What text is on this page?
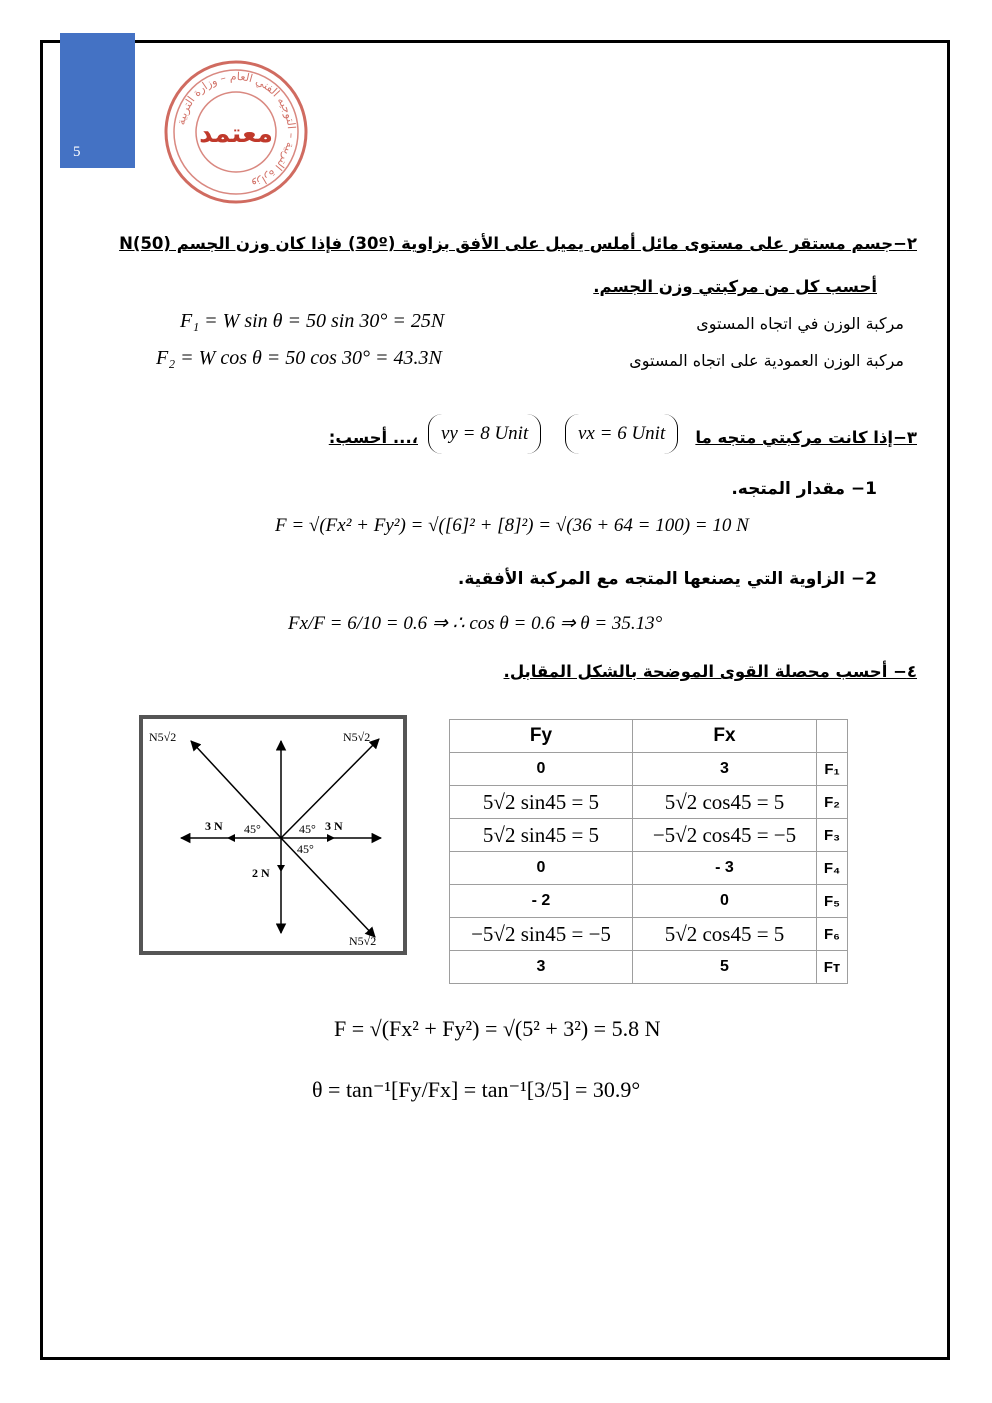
5
وزارة التربية – التوجيه الفني العام – وزارة التربية
معتمد
٢−جسم مستقر على مستوى مائل أملس يميل على الأفق بزاوية (30º) فإذا كان وزن الجسم N(50)
أحسب كل من مركبتي وزن الجسم.
مركبة الوزن في اتجاه المستوى
F₁ = W sin θ = 50 sin 30° = 25N
مركبة الوزن العمودية على اتجاه المستوى
F₂ = W cos θ = 50 cos 30° = 43.3N
٣−إذا كانت مركبتي متجه ما
vx = 6 Unit
vy = 8 Unit
،... أحسب:
1− مقدار المتجه.
F = √(Fx² + Fy²) = √([6]² + [8]²) = √(36 + 64 = 100) = 10 N
2− الزاوية التي يصنعها المتجه مع المركبة الأفقية.
Fx/F = 6/10 = 0.6 ⇒ ∴ cos θ = 0.6 ⇒ θ = 35.13°
٤− أحسب محصلة القوى الموضحة بالشكل المقابل.
N5√2	N5√2
N5√2
3 N	3 N
2 N
45°	45°
45°
Fy	Fx	
0	3	F₁
5√2 sin45 = 5	5√2 cos45 = 5	F₂
5√2 sin45 = 5	−5√2 cos45 = −5	F₃
0	- 3	F₄
- 2	0	F₅
−5√2 sin45 = −5	5√2 cos45 = 5	F₆
3	5	Fᴛ
F = √(Fx² + Fy²) = √(5² + 3²) = 5.8 N
θ = tan⁻¹[Fy/Fx] = tan⁻¹[3/5] = 30.9°
